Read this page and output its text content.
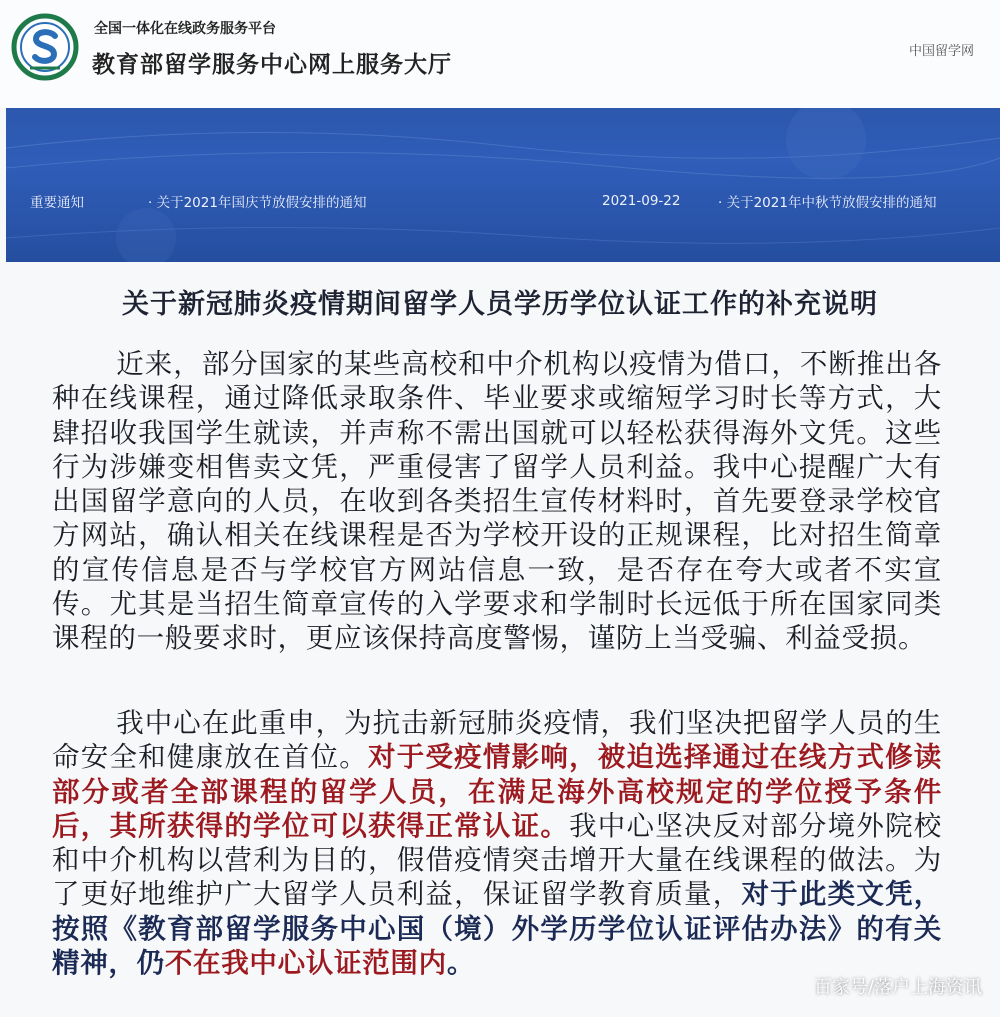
全国一体化在线政务服务平台
教育部留学服务中心网上服务大厅
中国留学网
重要通知	· 关于2021年国庆节放假安排的通知	2021-09-22	· 关于2021年中秋节放假安排的通知
关于新冠肺炎疫情期间留学人员学历学位认证工作的补充说明

近来，部分国家的某些高校和中介机构以疫情为借口，不断推出各种在线课程，通过降低录取条件、毕业要求或缩短学习时长等方式，大肆招收我国学生就读，并声称不需出国就可以轻松获得海外文凭。这些行为涉嫌变相售卖文凭，严重侵害了留学人员利益。我中心提醒广大有出国留学意向的人员，在收到各类招生宣传材料时，首先要登录学校官方网站，确认相关在线课程是否为学校开设的正规课程，比对招生简章的宣传信息是否与学校官方网站信息一致，是否存在夸大或者不实宣传。尤其是当招生简章宣传的入学要求和学制时长远低于所在国家同类课程的一般要求时，更应该保持高度警惕，谨防上当受骗、利益受损。

我中心在此重申，为抗击新冠肺炎疫情，我们坚决把留学人员的生命安全和健康放在首位。对于受疫情影响，被迫选择通过在线方式修读部分或者全部课程的留学人员，在满足海外高校规定的学位授予条件后，其所获得的学位可以获得正常认证。我中心坚决反对部分境外院校和中介机构以营利为目的，假借疫情突击增开大量在线课程的做法。为了更好地维护广大留学人员利益，保证留学教育质量，对于此类文凭，按照《教育部留学服务中心国（境）外学历学位认证评估办法》的有关精神，仍不在我中心认证范围内。

百家号/落户上海资讯
